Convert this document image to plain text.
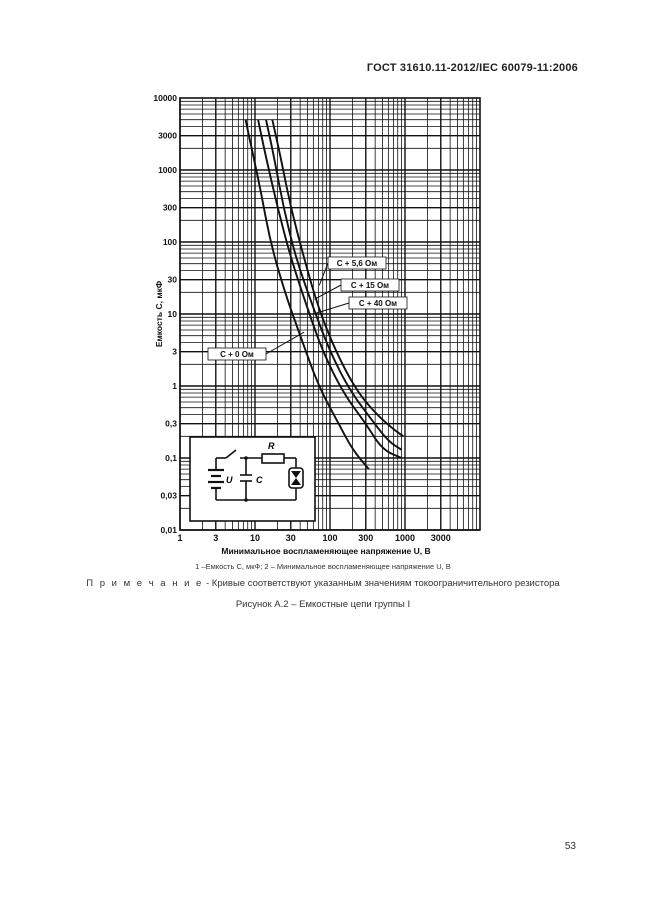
ГОСТ 31610.11-2012/IEC 60079-11:2006
1	3	10	30	100 300 1000 3000
0,01
0,03
0,1
0,3
1
3
10
30
100
300
1000
3000
10000
Минимальное воспламеняющее напряжение U, В
Емкость С, мкФ
C + 0 Ом
C + 5,6 Ом
C + 15 Ом
C + 40 Ом
R
U	C
1 –Емкость С, мкФ; 2 – Минимальное воспламеняющее напряжение U, В
П р и м е ч а н и е - Кривые соответствуют указанным значениям токоограничительного резистора
Рисунок А.2 – Емкостные цепи группы I
53
